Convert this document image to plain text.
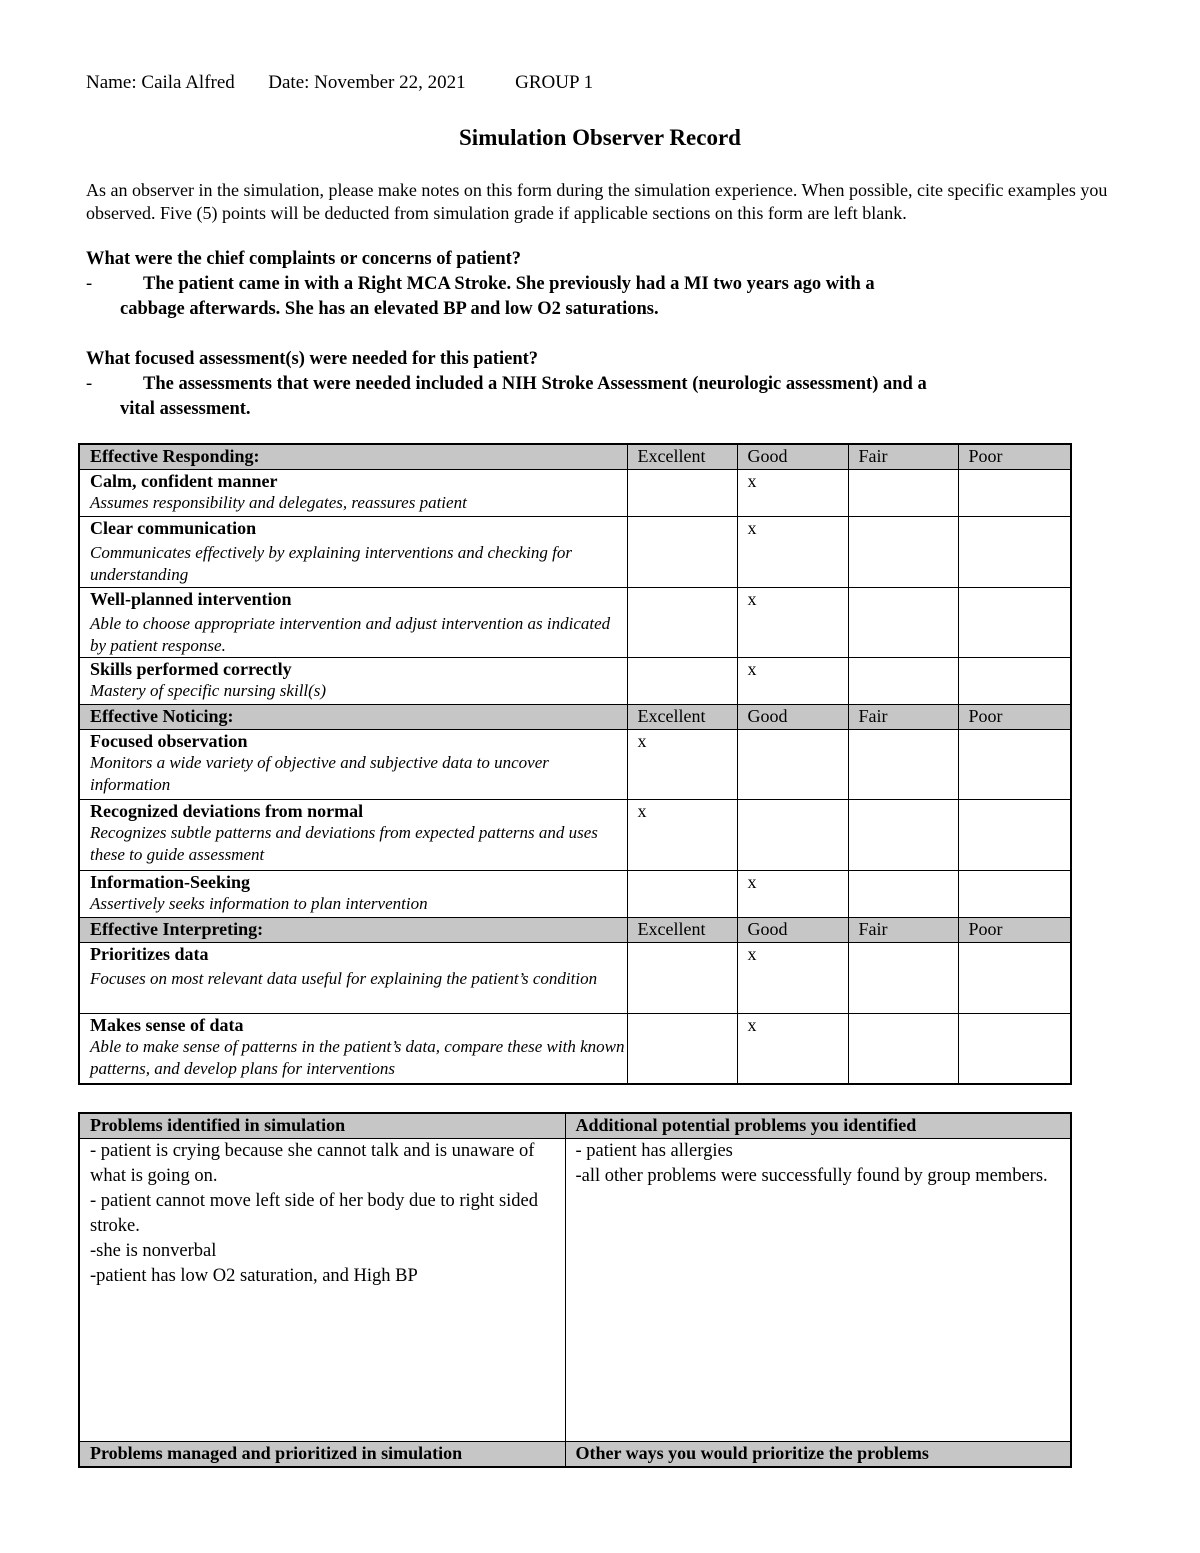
Name: Caila Alfred Date: November 22, 2021	GROUP 1
Simulation Observer Record
As an observer in the simulation, please make notes on this form during the simulation experience. When possible, cite specific examples you observed. Five (5) points will be deducted from simulation grade if applicable sections on this form are left blank.
What were the chief complaints or concerns of patient?
-	The patient came in with a Right MCA Stroke. She previously had a MI two years ago with a
cabbage afterwards. She has an elevated BP and low O2 saturations.
What focused assessment(s) were needed for this patient?
-	The assessments that were needed included a NIH Stroke Assessment (neurologic assessment) and a
vital assessment.
Effective Responding:	Excellent	Good	Fair	Poor

Calm, confident manner
Assumes responsibility and delegates, reassures patient		x		

Clear communication
Communicates effectively by explaining interventions and checking for understanding		x		

Well-planned intervention
Able to choose appropriate intervention and adjust intervention as indicated by patient response.		x		

Skills performed correctly
Mastery of specific nursing skill(s)		x		
Effective Noticing:	Excellent	Good	Fair	Poor

Focused observation
Monitors a wide variety of objective and subjective data to uncover information	x			

Recognized deviations from normal
Recognizes subtle patterns and deviations from expected patterns and uses these to guide assessment	x			

Information-Seeking
Assertively seeks information to plan intervention		x		
Effective Interpreting:	Excellent	Good	Fair	Poor

Prioritizes data
Focuses on most relevant data useful for explaining the patient’s condition		x		

Makes sense of data
Able to make sense of patterns in the patient’s data, compare these with known patterns, and develop plans for interventions		x		
Problems identified in simulation	Additional potential problems you identified

- patient is crying because she cannot talk and is unaware of what is going on.
- patient cannot move left side of her body due to right sided stroke.
-she is nonverbal
-patient has low O2 saturation, and High BP	- patient has allergies
-all other problems were successfully found by group members.

Problems managed and prioritized in simulation	Other ways you would prioritize the problems
